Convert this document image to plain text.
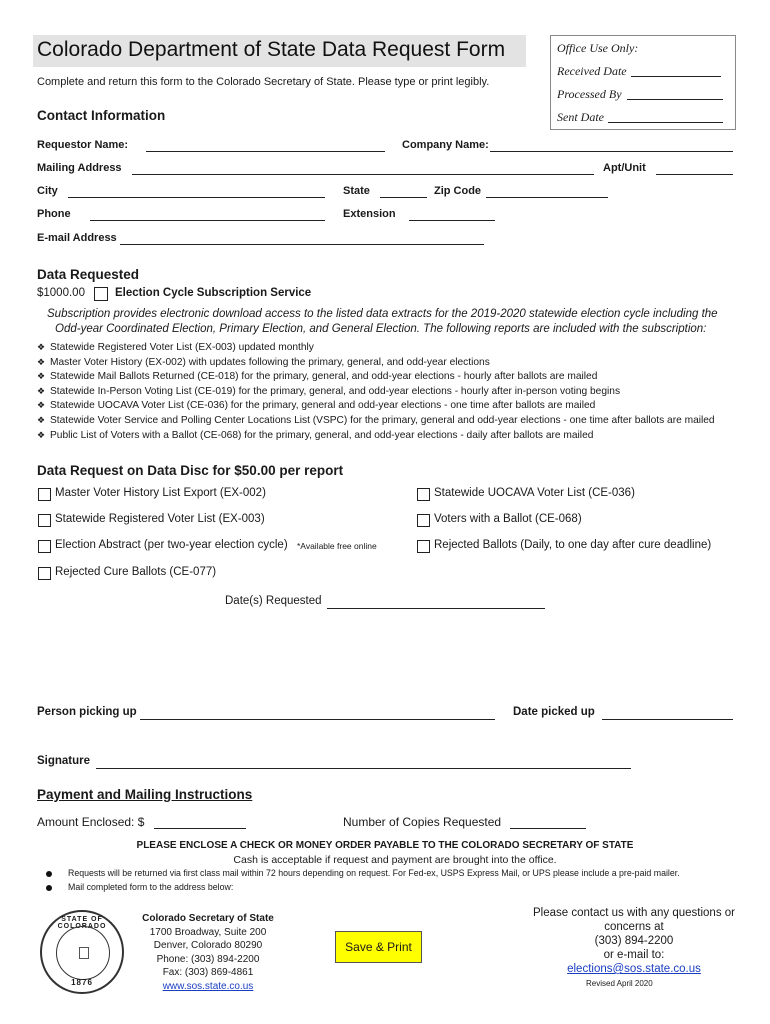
Colorado Department of State Data Request Form
Complete and return this form to the Colorado Secretary of State. Please type or print legibly.
Office Use Only:
Received Date
Processed By
Sent Date
Contact Information
Requestor Name:	Company Name:
Mailing Address	Apt/Unit
City	State	Zip Code
Phone	Extension
E-mail Address
Data Requested
$1000.00	Election Cycle Subscription Service
Subscription provides electronic download access to the listed data extracts for the 2019-2020 statewide election cycle including the
Odd-year Coordinated Election, Primary Election, and General Election. The following reports are included with the subscription:
❖ Statewide Registered Voter List (EX-003) updated monthly
❖ Master Voter History (EX-002) with updates following the primary, general, and odd-year elections
❖ Statewide Mail Ballots Returned (CE-018) for the primary, general, and odd-year elections - hourly after ballots are mailed
❖ Statewide In-Person Voting List (CE-019) for the primary, general, and odd-year elections - hourly after in-person voting begins
❖ Statewide UOCAVA Voter List (CE-036) for the primary, general and odd-year elections - one time after ballots are mailed
❖ Statewide Voter Service and Polling Center Locations List (VSPC) for the primary, general and odd-year elections - one time after ballots are mailed
❖ Public List of Voters with a Ballot (CE-068) for the primary, general, and odd-year elections - daily after ballots are mailed
Data Request on Data Disc for $50.00 per report
Master Voter History List Export (EX-002)	Statewide UOCAVA Voter List (CE-036)
Statewide Registered Voter List (EX-003)	Voters with a Ballot (CE-068)
Election Abstract (per two-year election cycle) *Available free online	Rejected Ballots (Daily, to one day after cure deadline)
Rejected Cure Ballots (CE-077)
Date(s) Requested
Person picking up	Date picked up
Signature
Payment and Mailing Instructions
Amount Enclosed: $	Number of Copies Requested
PLEASE ENCLOSE A CHECK OR MONEY ORDER PAYABLE TO THE COLORADO SECRETARY OF STATE
Cash is acceptable if request and payment are brought into the office.
Requests will be returned via first class mail within 72 hours depending on request. For Fed-ex, USPS Express Mail, or UPS please include a pre-paid mailer.
Mail completed form to the address below:
STATE OF COLORADO
1876
Colorado Secretary of State
1700 Broadway, Suite 200
Denver, Colorado 80290
Phone: (303) 894-2200
Fax: (303) 869-4861
www.sos.state.co.us
Save & Print
Please contact us with any questions or
concerns at
(303) 894-2200
or e-mail to:
elections@sos.state.co.us
Revised April 2020
